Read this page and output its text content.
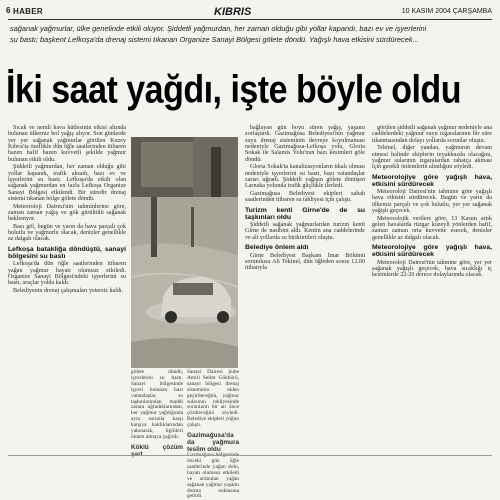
6 HABER	KIBRIS	10 KASIM 2004 ÇARŞAMBA
sağanak yağmurlar, ülke genelinde etkili oluyor. Şiddetli yağmurdan, her zaman olduğu gibi yollar kapandı, bazı ev ve işyerlerini
su bastı; başkent Lefkoşa'da drenaj sistemi tıkanan Organize Sanayi Bölgesi gölete döndü. Yağışlı hava etkisini sürdürecek...
İki saat yağdı, işte böyle oldu

Sıcak ve nemli hava kütlesinin etkisi altında bulunan ülkemiz bol yağış alıyor. Son günlerde yer yer sağanak yağmurlar görülen Kuzey Kıbrıs'ta özellikle dün öğle saatlerinden itibaren bazen hafif bazen kuvvetli şekilde yağmur bulunan etkili oldu.

Şiddetli yağmurdan, her zaman olduğu gibi yollar kapandı, trafik aksadı, bazı ev ve işyerlerini su bastı. Lefkoşa'da etkili olan sağanak yağmurdan en fazla Lefkoşa Organize Sanayi Bölgesi etkilendi. Bir süredir drenaj sistemi tıkanan bölge gölete döndü.

Meteoroloji Dairesi'nin tahminlerine göre, zaman zaman yağış ve gök gürültülü sağanak bekleniyor.

Bazı göl, bugün ve yarın da hava parçalı çok bulutlu ve yağmurlu olacak, denizler genellikle az dalgalı olacak.

Lefkoşa batakliğa döndüştü, sanayi bölgesini su bastı

Lefkoşa'da dün öğle saatlerinden itibaren yağan yağmur hayatı olumsuz etkiledi. Organize Sanayi Bölgesi'ndeki işyerlerini su bastı, araçlar yolda kaldı.

Belediyenin drenaj çalışmaları yetersiz kaldı.

gölete döndü, işyerlerini su bastı. Sanayi bölgesinde işyeri bulunan bazı vatandaşlar, su taşkınlarından maddi zarara uğradıklarından, her yağmur yağdığında aynı sorunla karşı karşıya kaldıklarından yakınarak, ilgilileri önlem almaya çağırdı.
Köklü çözüm
Sanayi Dairesi Şube Amiri Selim Gökbörü, sanayi bölgesi drenaj sisteminin elden geçirileceğini, yağmur sularının tahliyesinde sorunların bir an önce çözüleceğini söyledi. Belediye ekipleri yoğun çalıştı.
Gazimağusa'da da yağmura teslim oldu
önceki gün öğle saatlerinde yağan dolu, hayatı olumsuz etkiledi ve ardından yağan sağanak yağmur yaşamı durma noktasına getirdi.

bağlayan gün boyu süren yağış, yaşamı zorlaştırdı. Gazimağusa Belediyesi'nin yağmur suyu drenaj sisteminin devreye koyulmaması nedeniyle Gazimağusa-Lefkoşa yolu, Gloria Sokak ile Salamis Yolu'nun bazı kesimleri göle döndü.

Gloria Sokak'ta kanalizasyonların tıkalı olması nedeniyle işyerlerini su bastı, bazı vatandaşlar zararı uğradı. Şiddetli yağışın gölete dönüşen Larnaka yolunda trafik güçlükle ilerledi.

Gazimağusa Belediyesi ekipleri sabah saatlerinden itibaren su tahliyesi için çalıştı.

Turizm kenti Girne'de de su taşkınları oldu

Şiddetli sağanak yağmurlardan turizm kenti Girne de nasibini aldı. Kentin ana caddelerinde ve alt yollarda su birikintileri oluştu.

Belediye önlem aldı

Girne Belediyesi Başkanı İmar Bölümü sorumlusu Ali Tekinel, dün öğleden sonra 12.00 itibarıyla

görülen şiddetli sağanak yağmur nedeniyle ana caddelerdeki yağmur suyu ızgaralarının bir süre tıkanmasından dolayı yollarda sorunlar oluştu.

Tekinel, diğer yandan, yağmurun devam etmesi halinde ekiplerin teyakkuzda olacağını, yağmur sularının ızgaralardan rahatça akması için gerekli önlemlerin alındığını söyledi.

Meteorolojiye göre yağışlı hava, etkisini sürdürecek

Meteoroloji Dairesi'nin tahmine göre yağışlı hava etkisini sürdürecek. Bugün ve yarın da ülkemiz parçalı ve çok bulutlu, yer yer sağanak yağışlı geçecek.

Meteorolojik verilere göre, 13 Kasım artık gelen havalarda rüzgar kuzeyli yönlerden hafif, zaman zaman orta kuvvette esecek, denizler genellikle az dalgalı olacak.

Meteorolojiye göre yağışlı hava, etkisini sürdürecek

Meteoroloji Dairesi'nin tahmine göre, yer yer sağanak yağışlı geçecek, hava sıcaklığı iç kesimlerde 22-26 derece dolaylarında olacak.
